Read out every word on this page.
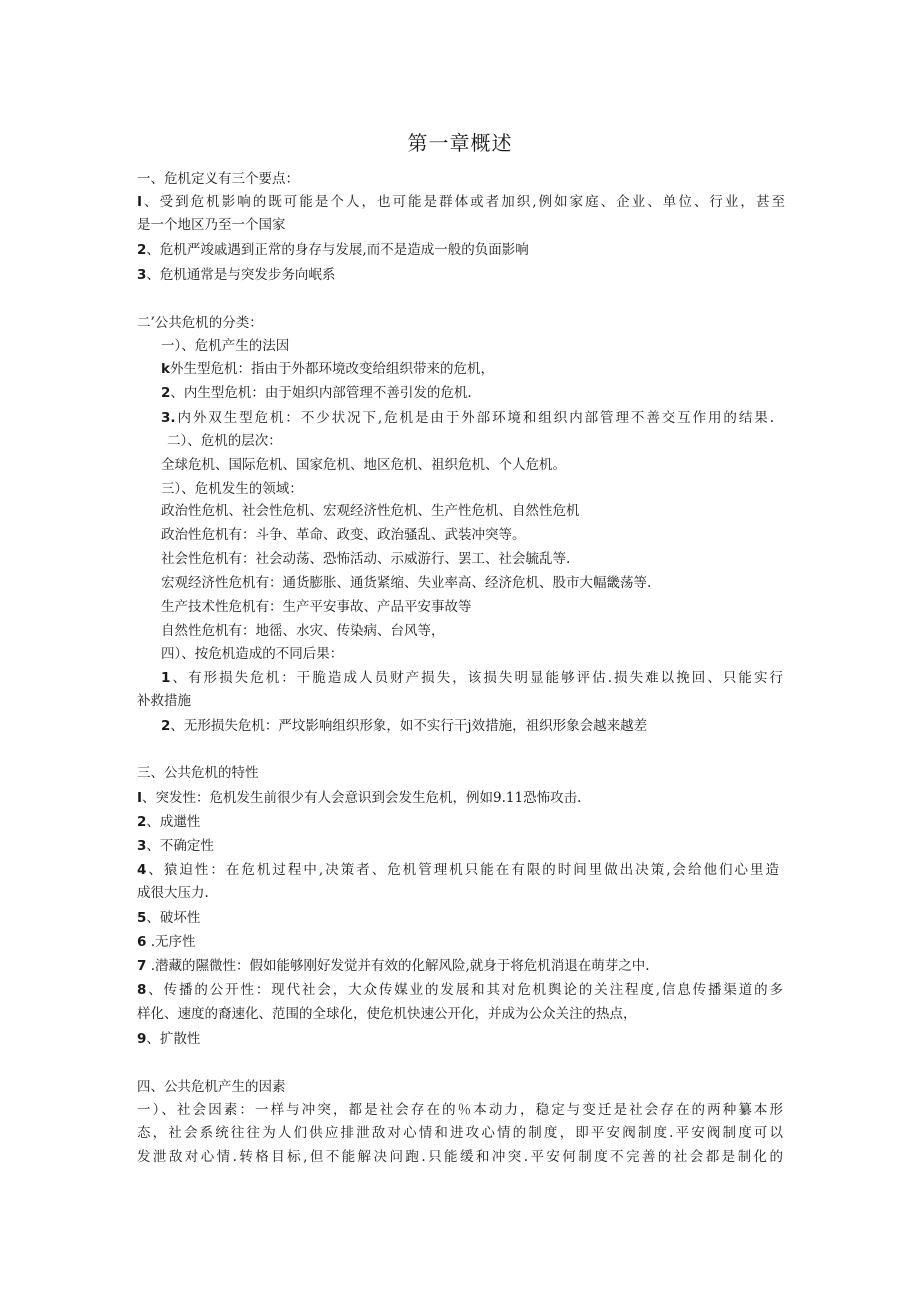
第一章概述
一、危机定义有三个要点：
I、受到危机影响的既可能是个人，也可能是群体或者加织,例如家庭、企业、单位、行业，甚至
是一个地区乃至一个国家
2、危机严竣戚遇到正常的身存与发展,而不是造成一般的负面影响
3、危机通常是与突发步务向岷系
二’公共危机的分类：
一）、危机产生的法因
k外生型危机：指由于外都环境改变给组织带来的危机，
2、内生型危机：由于姐织内部管理不善引发的危机.
3.内外双生型危机：不少状况下,危机是由于外部环境和组织内部管理不善交互作用的结果.
二）、危机的层次：
全球危机、国际危机、国家危机、地区危机、祖织危机、个人危机。
三）、危机发生的领域：
政治性危机、社会性危机、宏观经济性危机、生产性危机、自然性危机
政治性危机有：斗争、革命、政变、政治骚乱、武装冲突等。
社会性危机有：社会动荡、恐怖活动、示威游行、罢工、社会毓乱等.
宏观经济性危机有：通货膨胀、通货紧缩、失业率高、经济危机、股市大幅畿荡等.
生产技术性危机有：生产平安事故、产品平安事故等
自然性危机有：地徭、水灾、传染病、台风等，
四）、按危机造成的不同后果：
1、有形损失危机：干脆造成人员财产损失，该损失明显能够评估.损失难以挽回、只能实行
补救措施
2、无形损失危机：严坟影响组织形象，如不实行干j效措施，祖织形象会越来越差
三、公共危机的特性
I、突发性：危机发生前很少有人会意识到会发生危机，例如9.11恐怖攻击.
2、成邋性
3、不确定性
4、猿迫性：在危机过程中,决策者、危机管理机只能在有限的时间里做出决策,会给他们心里造
成很大压力.
5、破坏性
6 .无序性
7 .潜藏的隰微性：假如能够刚好发觉并有效的化解风险,就身于将危机消退在萌芽之中.
8、传播的公开性：现代社会，大众传媒业的发展和其对危机舆论的关注程度,信息传播渠道的多
样化、速度的裔速化、范围的全球化，使危机快速公开化，并成为公众关注的热点，
9、扩散性
四、公共危机产生的因素
一）、社会因素：一样与冲突，都是社会存在的％本动力，稳定与变迁是社会存在的两种纂本形
态，社会系统往往为人们供应排泄敌对心情和进攻心情的制度，即平安阀制度.平安阀制度可以
发泄敌对心情.转格目标,但不能解决问跑.只能缓和冲突.平安何制度不完善的社会都是制化的
